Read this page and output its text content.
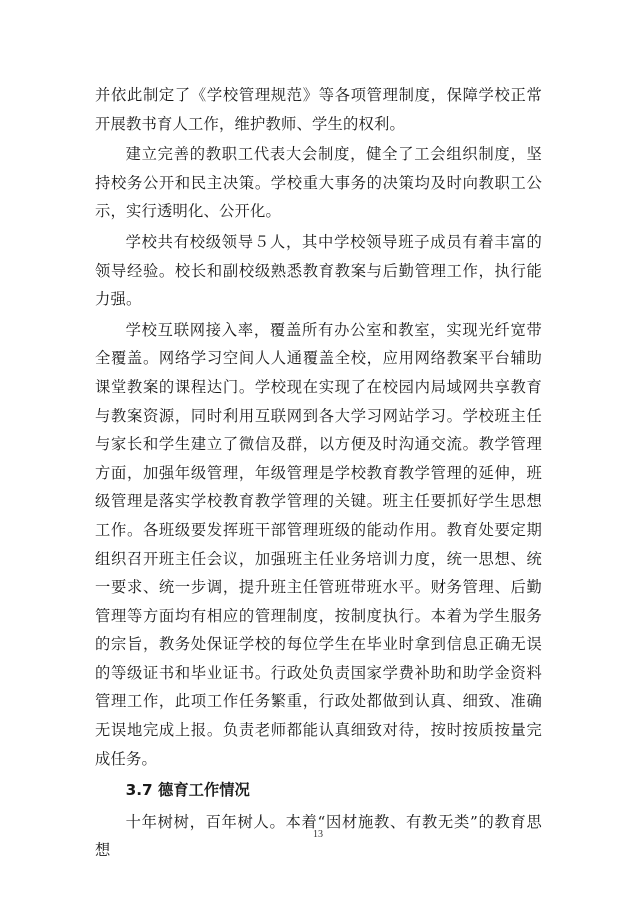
并依此制定了《学校管理规范》等各项管理制度，保障学校正常开展教书育人工作，维护教师、学生的权利。

建立完善的教职工代表大会制度，健全了工会组织制度，坚持校务公开和民主决策。学校重大事务的决策均及时向教职工公示，实行透明化、公开化。

学校共有校级领导５人，其中学校领导班子成员有着丰富的领导经验。校长和副校级熟悉教育教案与后勤管理工作，执行能力强。

学校互联网接入率，覆盖所有办公室和教室，实现光纤宽带全覆盖。网络学习空间人人通覆盖全校，应用网络教案平台辅助课堂教案的课程达门。学校现在实现了在校园内局域网共享教育与教案资源，同时利用互联网到各大学习网站学习。学校班主任与家长和学生建立了微信及群，以方便及时沟通交流。教学管理方面，加强年级管理，年级管理是学校教育教学管理的延伸，班级管理是落实学校教育教学管理的关键。班主任要抓好学生思想工作。各班级要发挥班干部管理班级的能动作用。教育处要定期组织召开班主任会议，加强班主任业务培训力度，统一思想、统一要求、统一步调，提升班主任管班带班水平。财务管理、后勤管理等方面均有相应的管理制度，按制度执行。本着为学生服务的宗旨，教务处保证学校的每位学生在毕业时拿到信息正确无误的等级证书和毕业证书。行政处负责国家学费补助和助学金资料管理工作，此项工作任务繁重，行政处都做到认真、细致、准确无误地完成上报。负责老师都能认真细致对待，按时按质按量完成任务。

3.7 德育工作情况

十年树树，百年树人。本着“因材施教、有教无类”的教育思想

13
